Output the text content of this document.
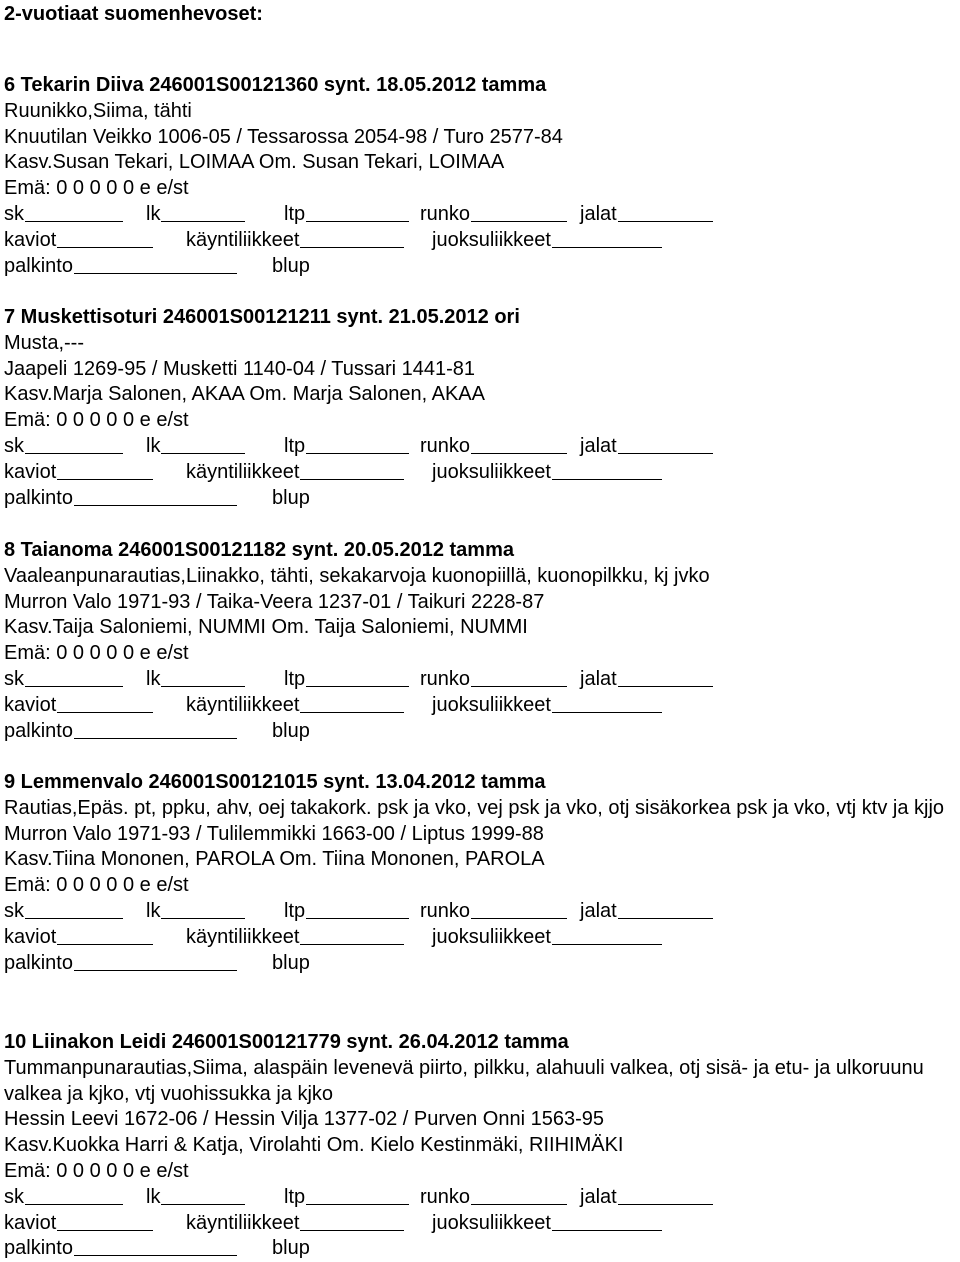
2-vuotiaat suomenhevoset:
6 Tekarin Diiva 246001S00121360 synt. 18.05.2012 tamma
Ruunikko,Siima, tähti
Knuutilan Veikko 1006-05 / Tessarossa 2054-98 / Turo 2577-84
Kasv.Susan Tekari, LOIMAA Om. Susan Tekari, LOIMAA
Emä: 0 0 0 0 0 e e/st
sk	lk	ltp	runko	jalat
kaviot	käyntiliikkeet	juoksuliikkeet
palkinto	blup
7 Muskettisoturi 246001S00121211 synt. 21.05.2012 ori
Musta,---
Jaapeli 1269-95 / Musketti 1140-04 / Tussari 1441-81
Kasv.Marja Salonen, AKAA Om. Marja Salonen, AKAA
Emä: 0 0 0 0 0 e e/st
sk	lk	ltp	runko	jalat
kaviot	käyntiliikkeet	juoksuliikkeet
palkinto	blup
8 Taianoma 246001S00121182 synt. 20.05.2012 tamma
Vaaleanpunarautias,Liinakko, tähti, sekakarvoja kuonopiillä, kuonopilkku, kj jvko
Murron Valo 1971-93 / Taika-Veera 1237-01 / Taikuri 2228-87
Kasv.Taija Saloniemi, NUMMI Om. Taija Saloniemi, NUMMI
Emä: 0 0 0 0 0 e e/st
sk	lk	ltp	runko	jalat
kaviot	käyntiliikkeet	juoksuliikkeet
palkinto	blup
9 Lemmenvalo 246001S00121015 synt. 13.04.2012 tamma
Rautias,Epäs. pt, ppku, ahv, oej takakork. psk ja vko, vej psk ja vko, otj sisäkorkea psk ja vko, vtj ktv ja kjjo
Murron Valo 1971-93 / Tulilemmikki 1663-00 / Liptus 1999-88
Kasv.Tiina Mononen, PAROLA Om. Tiina Mononen, PAROLA
Emä: 0 0 0 0 0 e e/st
sk	lk	ltp	runko	jalat
kaviot	käyntiliikkeet	juoksuliikkeet
palkinto	blup
10 Liinakon Leidi 246001S00121779 synt. 26.04.2012 tamma
Tummanpunarautias,Siima, alaspäin levenevä piirto, pilkku, alahuuli valkea, otj sisä- ja etu- ja ulkoruunu valkea ja kjko, vtj vuohissukka ja kjko
Hessin Leevi 1672-06 / Hessin Vilja 1377-02 / Purven Onni 1563-95
Kasv.Kuokka Harri & Katja, Virolahti Om. Kielo Kestinmäki, RIIHIMÄKI
Emä: 0 0 0 0 0 e e/st
sk	lk	ltp	runko	jalat
kaviot	käyntiliikkeet	juoksuliikkeet
palkinto	blup
